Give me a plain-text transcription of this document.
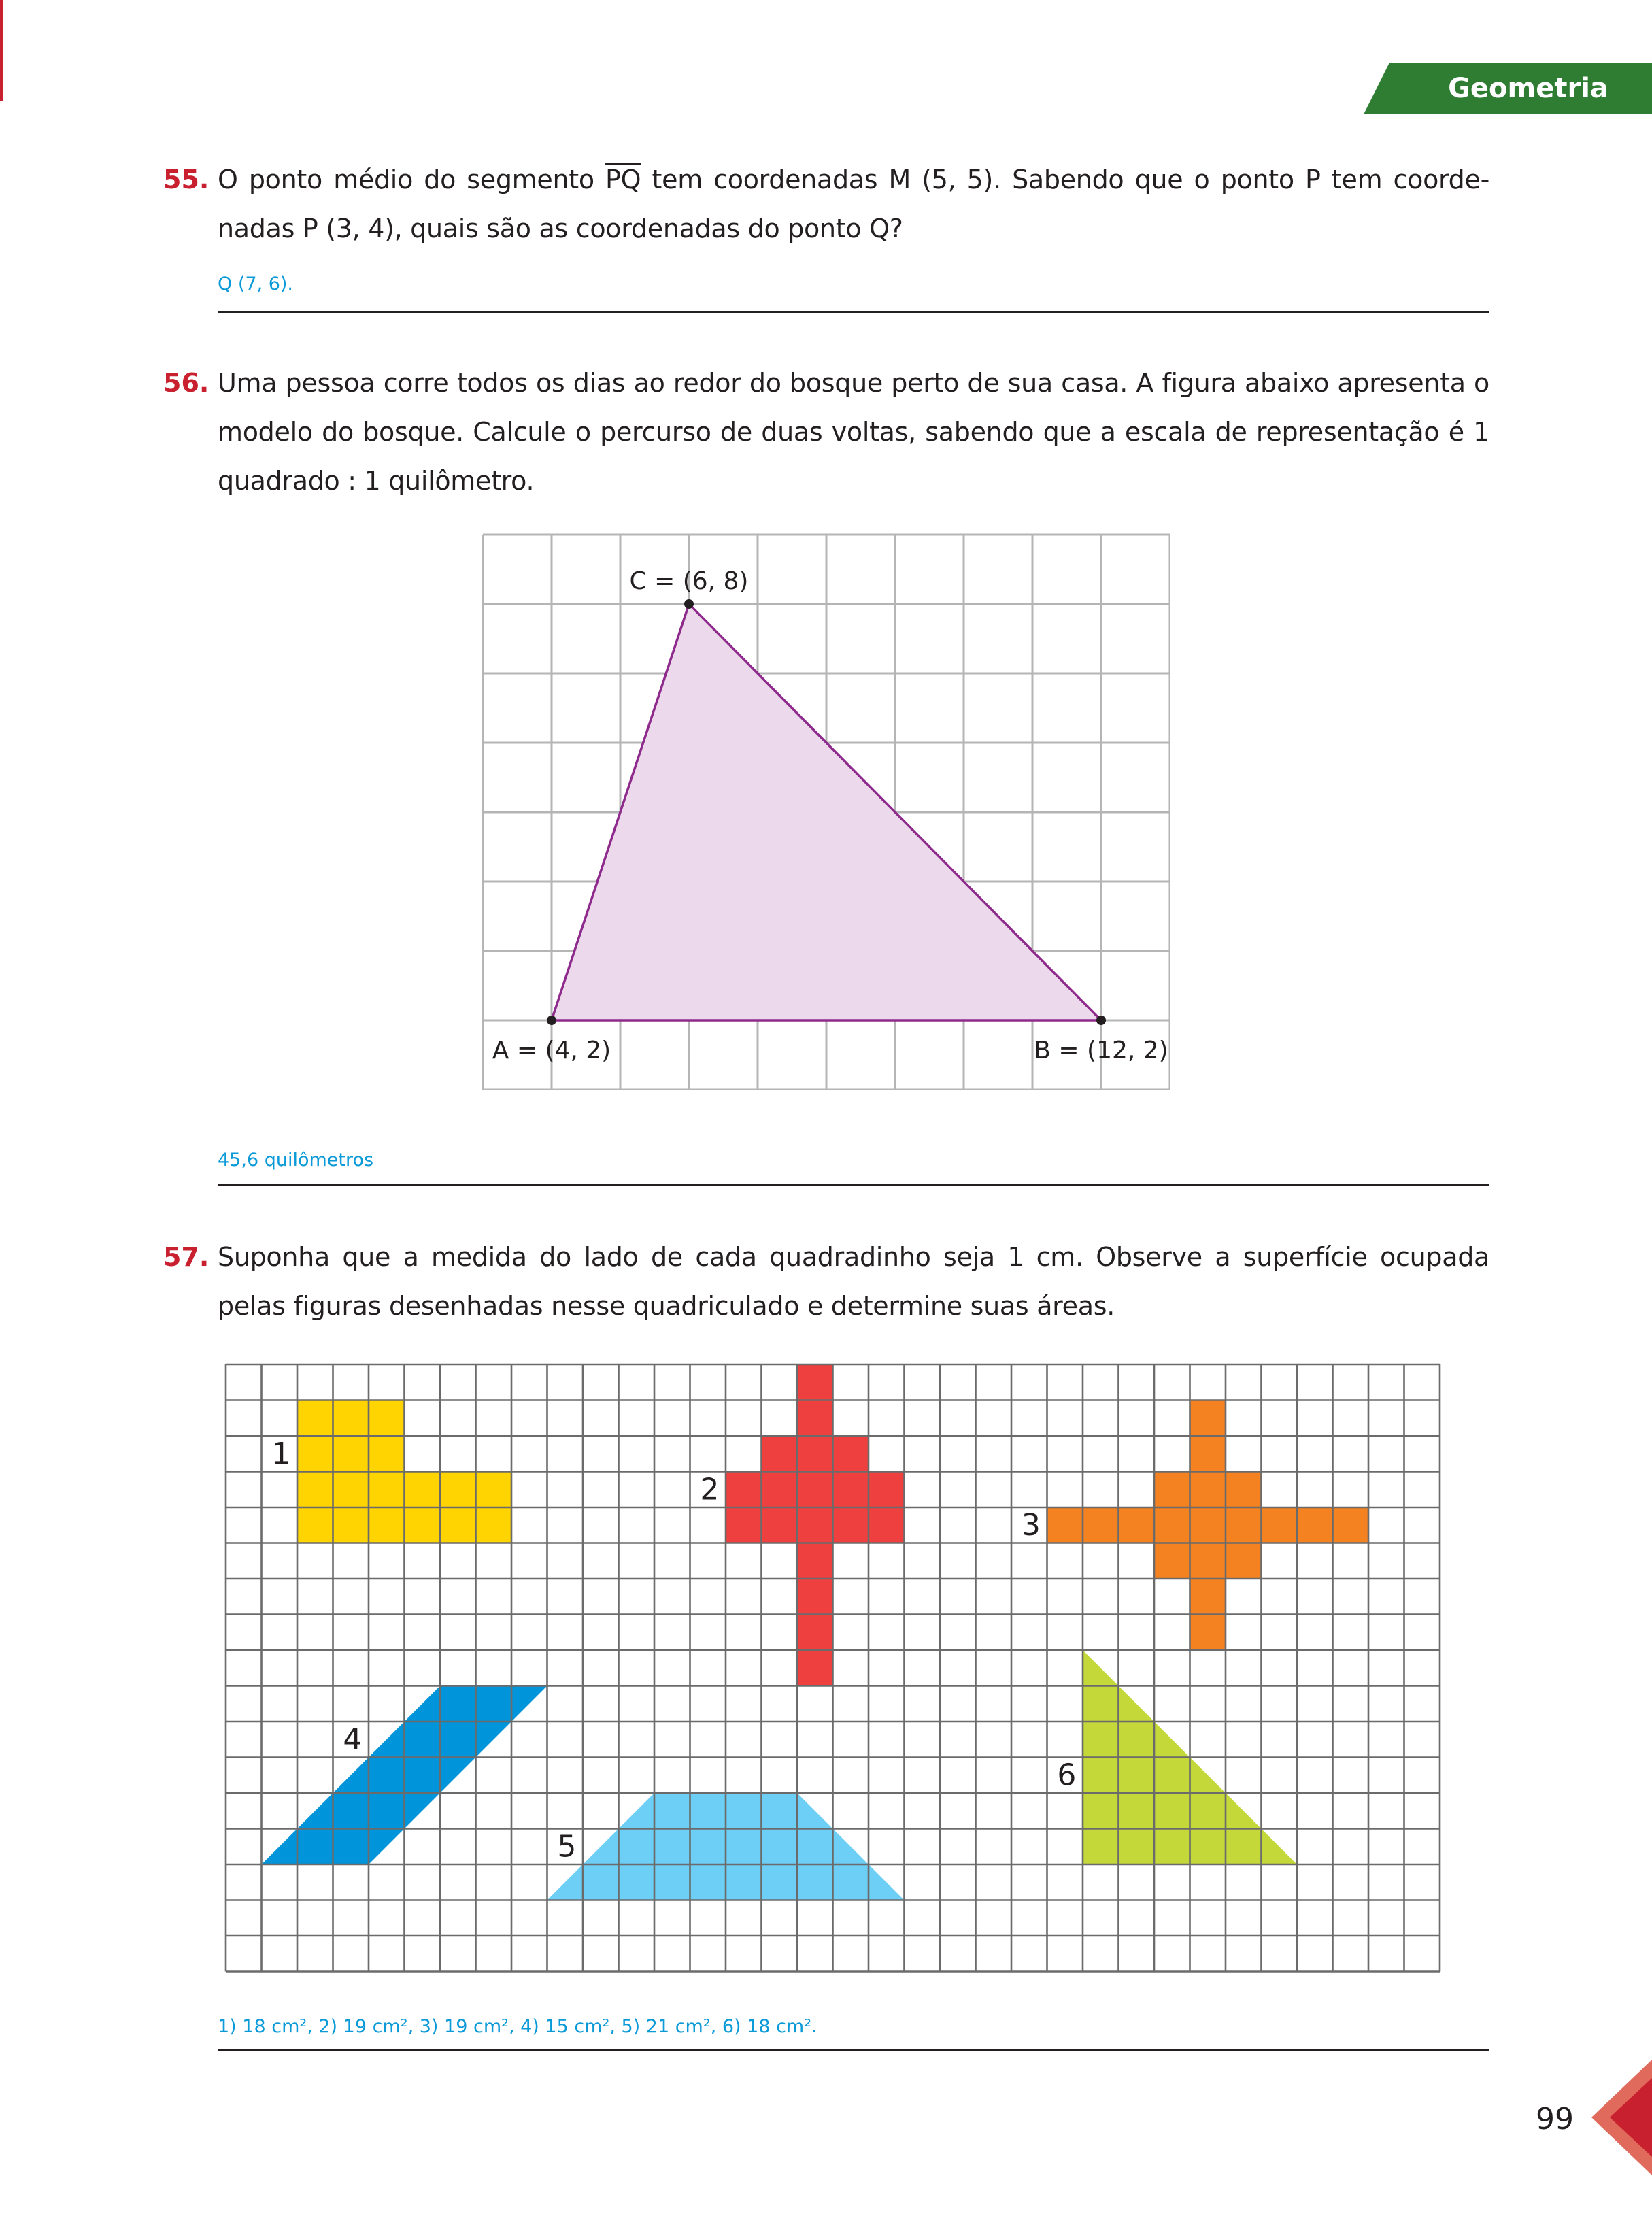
Geometria
55. O ponto médio do segmento $\overline{PQ}$ tem coordenadas M (5, 5). Sabendo que o ponto P tem coorde-nadas P (3, 4), quais são as coordenadas do ponto Q?
Q (7, 6).
56. Uma pessoa corre todos os dias ao redor do bosque perto de sua casa. A figura abaixo apresenta o modelo do bosque. Calcule o percurso de duas voltas, sabendo que a escala de representação é 1 quadrado : 1 quilômetro.
A = (4, 2)	B = (12, 2)
C = (6, 8)
45,6 quilômetros
57. Suponha que a medida do lado de cada quadradinho seja 1 cm. Observe a superfície ocupada pelas figuras desenhadas nesse quadriculado e determine suas áreas.
1
2
3
4
5
6
1) 18 cm², 2) 19 cm², 3) 19 cm², 4) 15 cm², 5) 21 cm², 6) 18 cm².
99
